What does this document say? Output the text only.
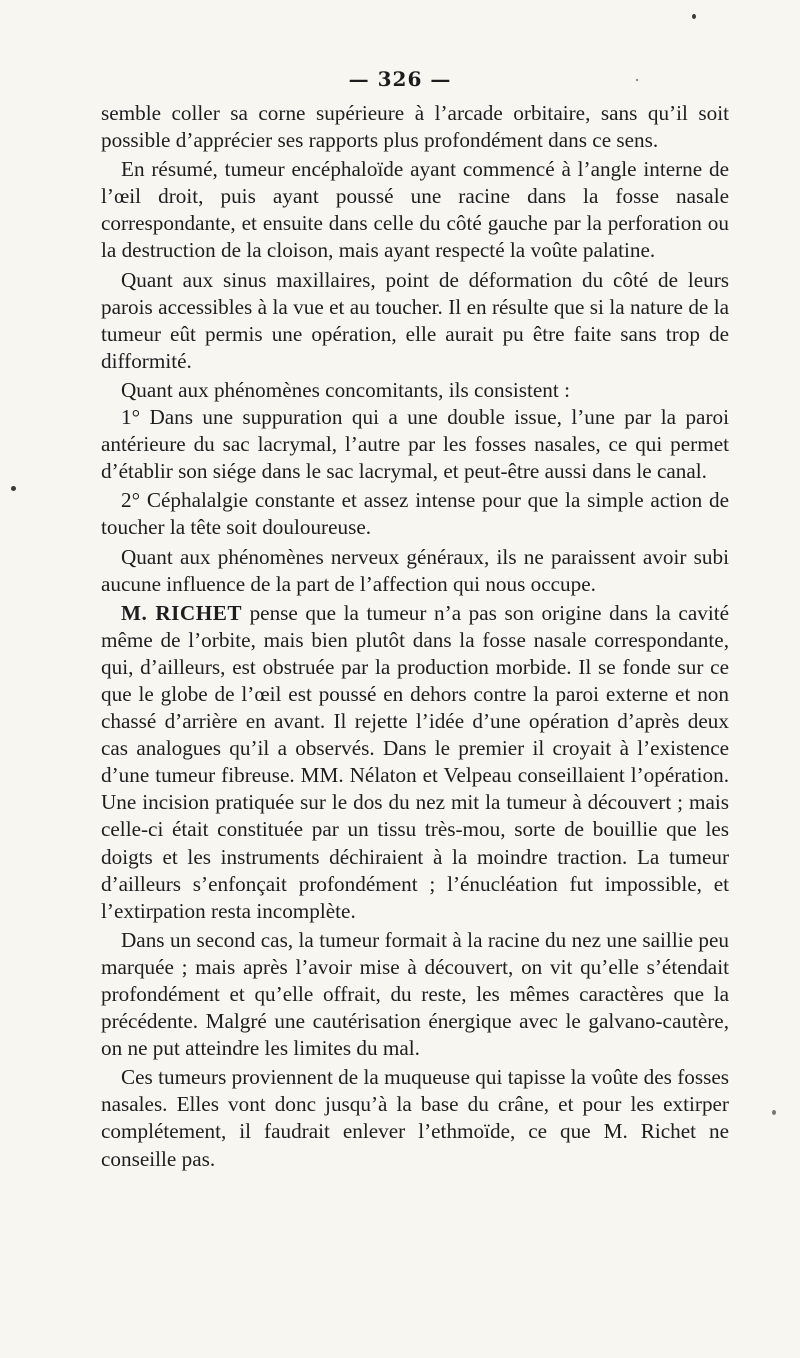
— 326 —

semble coller sa corne supérieure à l’arcade orbitaire, sans qu’il soit possible d’apprécier ses rapports plus profondément dans ce sens.

En résumé, tumeur encéphaloïde ayant commencé à l’angle interne de l’œil droit, puis ayant poussé une racine dans la fosse nasale correspondante, et ensuite dans celle du côté gauche par la perforation ou la destruction de la cloison, mais ayant respecté la voûte palatine.

Quant aux sinus maxillaires, point de déformation du côté de leurs parois accessibles à la vue et au toucher. Il en résulte que si la nature de la tumeur eût permis une opération, elle aurait pu être faite sans trop de difformité.

Quant aux phénomènes concomitants, ils consistent :

1° Dans une suppuration qui a une double issue, l’une par la paroi antérieure du sac lacrymal, l’autre par les fosses nasales, ce qui permet d’établir son siége dans le sac lacrymal, et peut-être aussi dans le canal.

2° Céphalalgie constante et assez intense pour que la simple action de toucher la tête soit douloureuse.

Quant aux phénomènes nerveux généraux, ils ne paraissent avoir subi aucune influence de la part de l’affection qui nous occupe.

M. RICHET pense que la tumeur n’a pas son origine dans la cavité même de l’orbite, mais bien plutôt dans la fosse nasale correspondante, qui, d’ailleurs, est obstruée par la production morbide. Il se fonde sur ce que le globe de l’œil est poussé en dehors contre la paroi externe et non chassé d’arrière en avant. Il rejette l’idée d’une opération d’après deux cas analogues qu’il a observés. Dans le premier il croyait à l’existence d’une tumeur fibreuse. MM. Nélaton et Velpeau conseillaient l’opération. Une incision pratiquée sur le dos du nez mit la tumeur à découvert ; mais celle-ci était constituée par un tissu très-mou, sorte de bouillie que les doigts et les instruments déchiraient à la moindre traction. La tumeur d’ailleurs s’enfonçait profondément ; l’énucléation fut impossible, et l’extirpation resta incomplète.

Dans un second cas, la tumeur formait à la racine du nez une saillie peu marquée ; mais après l’avoir mise à découvert, on vit qu’elle s’étendait profondément et qu’elle offrait, du reste, les mêmes caractères que la précédente. Malgré une cautérisation énergique avec le galvano-cautère, on ne put atteindre les limites du mal.

Ces tumeurs proviennent de la muqueuse qui tapisse la voûte des fosses nasales. Elles vont donc jusqu’à la base du crâne, et pour les extirper complétement, il faudrait enlever l’ethmoïde, ce que M. Richet ne conseille pas.
